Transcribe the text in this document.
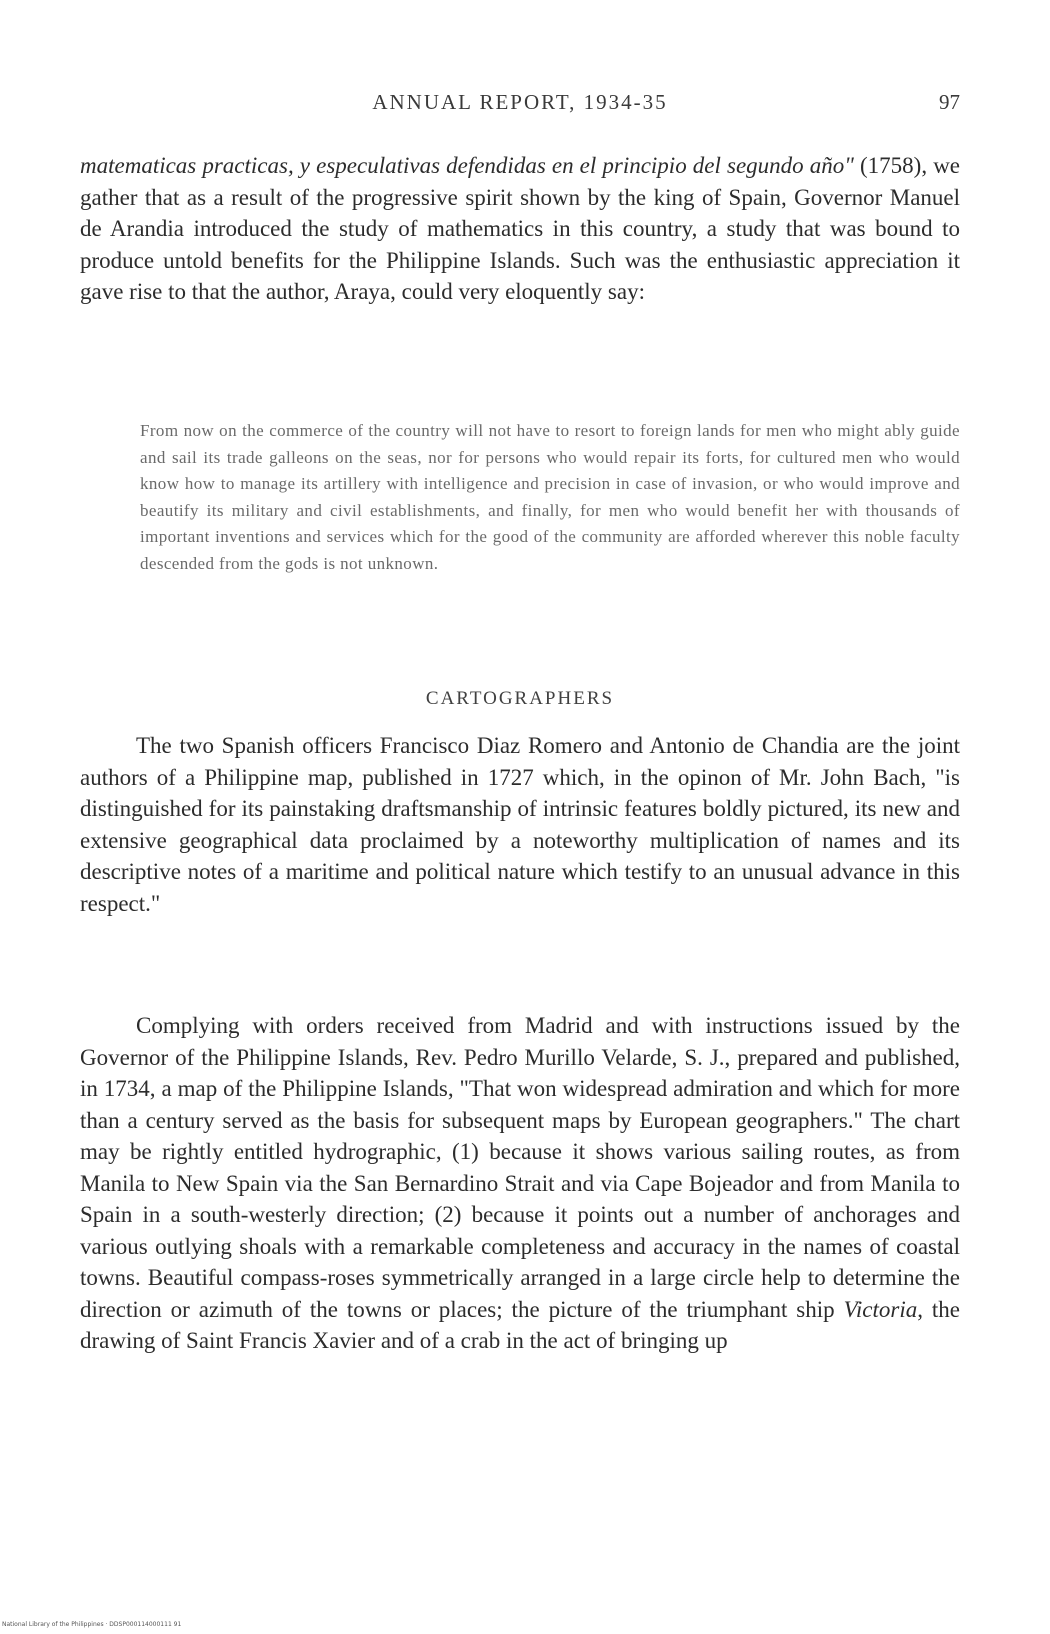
ANNUAL REPORT, 1934-35	97

matematicas practicas, y especulativas defendidas en el principio del segundo año" (1758), we gather that as a result of the progressive spirit shown by the king of Spain, Governor Manuel de Arandia introduced the study of mathematics in this country, a study that was bound to produce untold benefits for the Philippine Islands. Such was the enthusiastic appreciation it gave rise to that the author, Araya, could very eloquently say:

From now on the commerce of the country will not have to resort to foreign lands for men who might ably guide and sail its trade galleons on the seas, nor for persons who would repair its forts, for cultured men who would know how to manage its artillery with intelligence and precision in case of invasion, or who would improve and beautify its military and civil establishments, and finally, for men who would benefit her with thousands of important inventions and services which for the good of the community are afforded wherever this noble faculty descended from the gods is not unknown.

CARTOGRAPHERS

The two Spanish officers Francisco Diaz Romero and Antonio de Chandia are the joint authors of a Philippine map, published in 1727 which, in the opinon of Mr. John Bach, "is distinguished for its painstaking draftsmanship of intrinsic features boldly pictured, its new and extensive geographical data proclaimed by a noteworthy multiplication of names and its descriptive notes of a maritime and political nature which testify to an unusual advance in this respect."

Complying with orders received from Madrid and with instructions issued by the Governor of the Philippine Islands, Rev. Pedro Murillo Velarde, S. J., prepared and published, in 1734, a map of the Philippine Islands, "That won widespread admiration and which for more than a century served as the basis for subsequent maps by European geographers." The chart may be rightly entitled hydrographic, (1) because it shows various sailing routes, as from Manila to New Spain via the San Bernardino Strait and via Cape Bojeador and from Manila to Spain in a south-westerly direction; (2) because it points out a number of anchorages and various outlying shoals with a remarkable completeness and accuracy in the names of coastal towns. Beautiful compass-roses symmetrically arranged in a large circle help to determine the direction or azimuth of the towns or places; the picture of the triumphant ship Victoria, the drawing of Saint Francis Xavier and of a crab in the act of bringing up

National Library of the Philippines · DDSP000114000111 91
